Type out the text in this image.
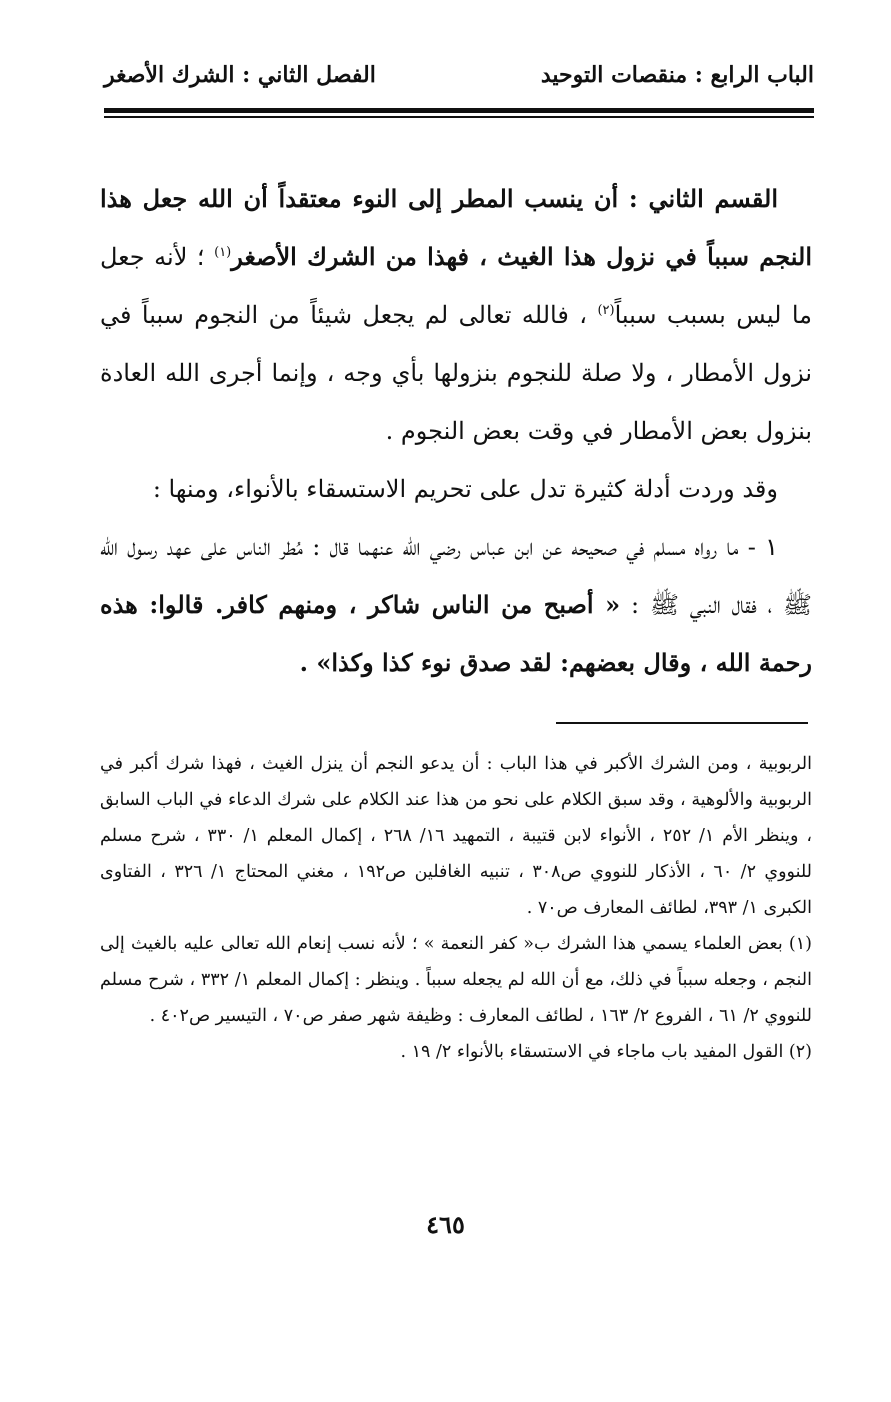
الباب الرابع : منقصات التوحيد
الفصل الثاني : الشرك الأصغر

القسم الثاني : أن ينسب المطر إلى النوء معتقداً أن الله جعل هذا النجم سبباً في نزول هذا الغيث ، فهذا من الشرك الأصغر$^{(١)}$ ؛ لأنه جعل ما ليس بسبب سبباً$^{(٢)}$ ، فالله تعالى لم يجعل شيئاً من النجوم سبباً في نزول الأمطار ، ولا صلة للنجوم بنزولها بأي وجه ، وإنما أجرى الله العادة بنزول بعض الأمطار في وقت بعض النجوم .

وقد وردت أدلة كثيرة تدل على تحريم الاستسقاء بالأنواء، ومنها :

١ - ما رواه مسلم في صحيحه عن ابن عباس رضي الله عنهما قال : مُطر الناس على عهد رسول الله ﷺ ، فقال النبي ﷺ : « أصبح من الناس شاكر ، ومنهم كافر. قالوا: هذه رحمة الله ، وقال بعضهم: لقد صدق نوء كذا وكذا» .

الربوبية ، ومن الشرك الأكبر في هذا الباب : أن يدعو النجم أن ينزل الغيث ، فهذا شرك أكبر في الربوبية والألوهية ، وقد سبق الكلام على نحو من هذا عند الكلام على شرك الدعاء في الباب السابق ، وينظر الأم ١/ ٢٥٢ ، الأنواء لابن قتيبة ، التمهيد ١٦/ ٢٦٨ ، إكمال المعلم ١/ ٣٣٠ ، شرح مسلم للنووي ٢/ ٦٠ ، الأذكار للنووي ص٣٠٨ ، تنبيه الغافلين ص١٩٢ ، مغني المحتاج ١/ ٣٢٦ ، الفتاوى الكبرى ١/ ٣٩٣، لطائف المعارف ص٧٠ .

(١) بعض العلماء يسمي هذا الشرك ب« كفر النعمة » ؛ لأنه نسب إنعام الله تعالى عليه بالغيث إلى النجم ، وجعله سبباً في ذلك، مع أن الله لم يجعله سبباً . وينظر : إكمال المعلم ١/ ٣٣٢ ، شرح مسلم للنووي ٢/ ٦١ ، الفروع ٢/ ١٦٣ ، لطائف المعارف : وظيفة شهر صفر ص٧٠ ، التيسير ص٤٠٢ .

(٢) القول المفيد باب ماجاء في الاستسقاء بالأنواء ٢/ ١٩ .

٤٦٥
